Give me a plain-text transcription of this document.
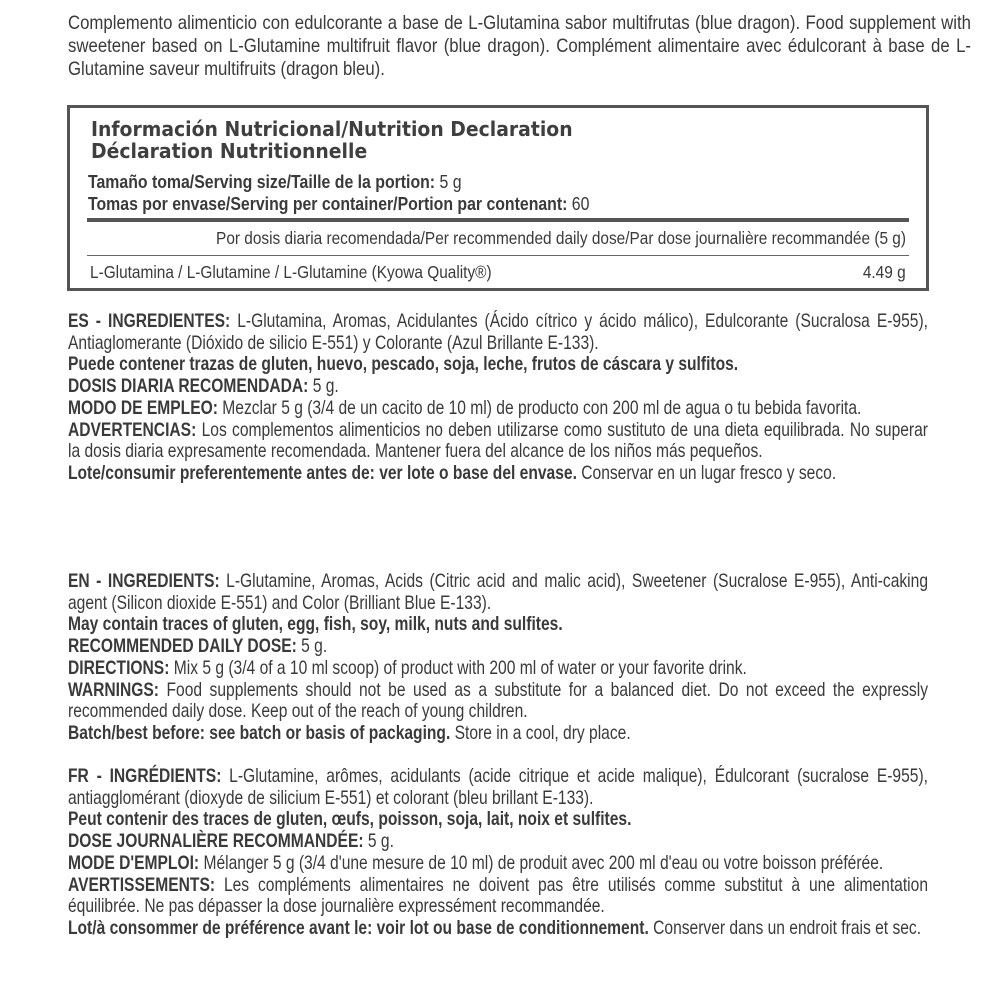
Complemento alimenticio con edulcorante a base de L-Glutamina sabor multifrutas (blue dragon). Food supplement with sweetener based on L-Glutamine multifruit flavor (blue dragon). Complément alimentaire avec édulcorant à base de L-Glutamine saveur multifruits (dragon bleu).

Información Nutricional/Nutrition Declaration
Déclaration Nutritionnelle
Tamaño toma/Serving size/Taille de la portion: 5 g
Tomas por envase/Serving per container/Portion par contenant: 60
Por dosis diaria recomendada/Per recommended daily dose/Par dose journalière recommandée (5 g)
L-Glutamina / L-Glutamine / L-Glutamine (Kyowa Quality®)	4.49 g

ES - INGREDIENTES: L-Glutamina, Aromas, Acidulantes (Ácido cítrico y ácido málico), Edulcorante (Sucralosa E-955), Antiaglomerante (Dióxido de silicio E-551) y Colorante (Azul Brillante E-133).

Puede contener trazas de gluten, huevo, pescado, soja, leche, frutos de cáscara y sulfitos.

DOSIS DIARIA RECOMENDADA: 5 g.

MODO DE EMPLEO: Mezclar 5 g (3/4 de un cacito de 10 ml) de producto con 200 ml de agua o tu bebida favorita.

ADVERTENCIAS: Los complementos alimenticios no deben utilizarse como sustituto de una dieta equilibrada. No superar la dosis diaria expresamente recomendada. Mantener fuera del alcance de los niños más pequeños.

Lote/consumir preferentemente antes de: ver lote o base del envase. Conservar en un lugar fresco y seco.

EN - INGREDIENTS: L-Glutamine, Aromas, Acids (Citric acid and malic acid), Sweetener (Sucralose E-955), Anti-caking agent (Silicon dioxide E-551) and Color (Brilliant Blue E-133).

May contain traces of gluten, egg, fish, soy, milk, nuts and sulfites.

RECOMMENDED DAILY DOSE: 5 g.

DIRECTIONS: Mix 5 g (3/4 of a 10 ml scoop) of product with 200 ml of water or your favorite drink.

WARNINGS: Food supplements should not be used as a substitute for a balanced diet. Do not exceed the expressly recommended daily dose. Keep out of the reach of young children.

Batch/best before: see batch or basis of packaging. Store in a cool, dry place.

FR - INGRÉDIENTS: L-Glutamine, arômes, acidulants (acide citrique et acide malique), Édulcorant (sucralose E-955), antiagglomérant (dioxyde de silicium E-551) et colorant (bleu brillant E-133).

Peut contenir des traces de gluten, œufs, poisson, soja, lait, noix et sulfites.

DOSE JOURNALIÈRE RECOMMANDÉE: 5 g.

MODE D'EMPLOI: Mélanger 5 g (3/4 d'une mesure de 10 ml) de produit avec 200 ml d'eau ou votre boisson préférée.

AVERTISSEMENTS: Les compléments alimentaires ne doivent pas être utilisés comme substitut à une alimentation équilibrée. Ne pas dépasser la dose journalière expressément recommandée.

Lot/à consommer de préférence avant le: voir lot ou base de conditionnement. Conserver dans un endroit frais et sec.
